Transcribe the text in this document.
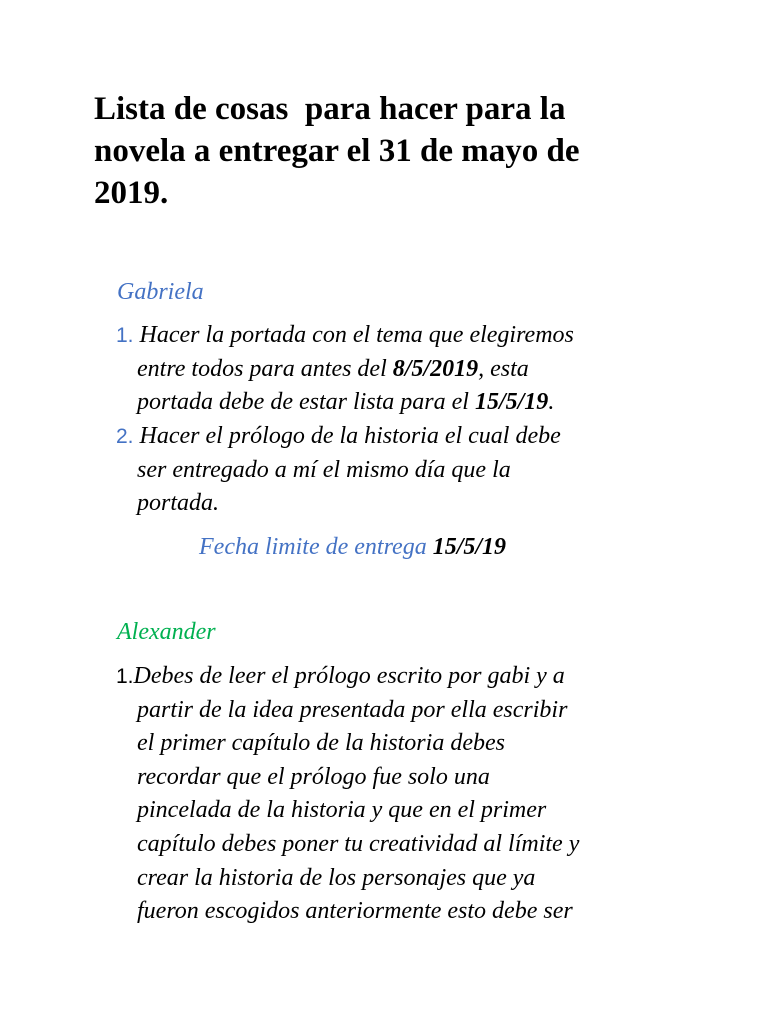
Lista de cosas  para hacer para la
novela a entregar el 31 de mayo de
2019.
Gabriela
1. Hacer la portada con el tema que elegiremos
entre todos para antes del 8/5/2019, esta
portada debe de estar lista para el 15/5/19.
2. Hacer el prólogo de la historia el cual debe
ser entregado a mí el mismo día que la
portada.
Fecha limite de entrega 15/5/19
Alexander
1.Debes de leer el prólogo escrito por gabi y a
partir de la idea presentada por ella escribir
el primer capítulo de la historia debes
recordar que el prólogo fue solo una
pincelada de la historia y que en el primer
capítulo debes poner tu creatividad al límite y
crear la historia de los personajes que ya
fueron escogidos anteriormente esto debe ser
